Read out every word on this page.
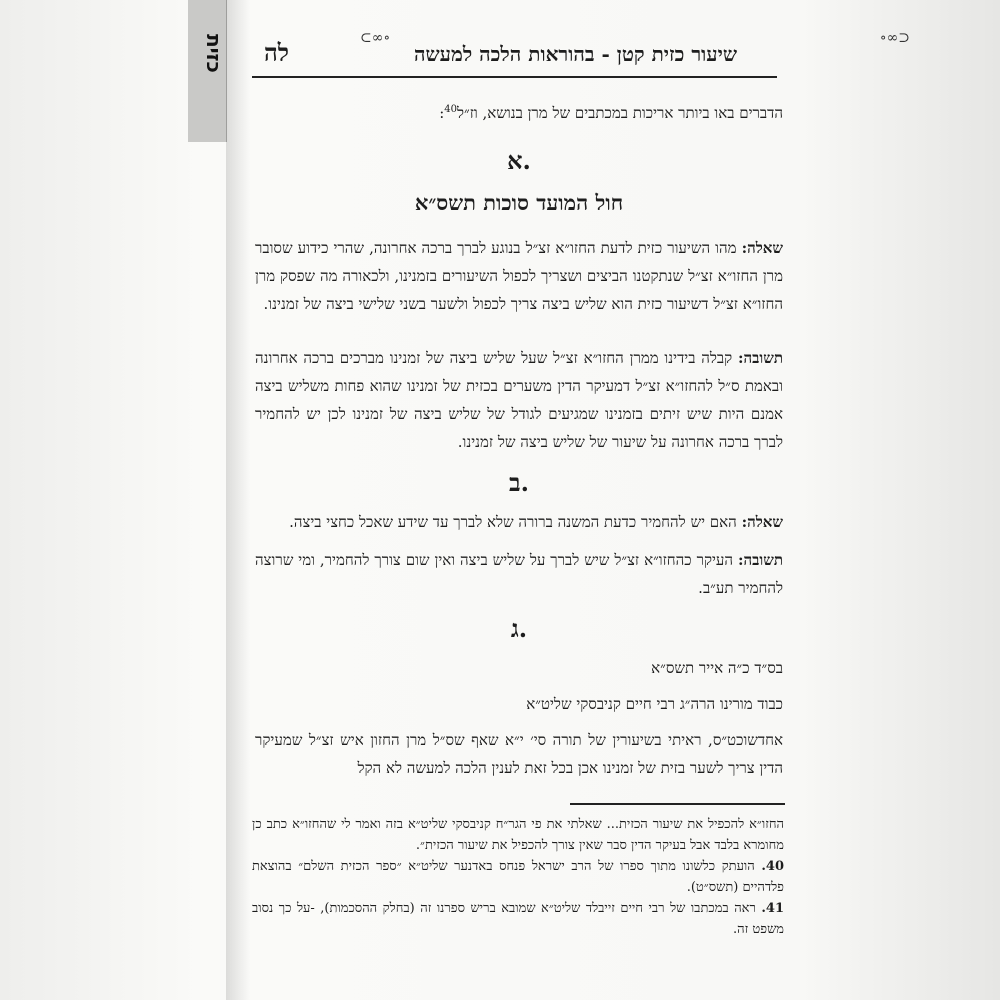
כזית לה	שיעור כזית קטן - בהוראות הלכה למעשה
⊂∞∘	∘∞⊃

הדברים באו ביותר אריכות במכתבים של מרן בנושא, וז״ל$^{40}$:

א.
חול המועד סוכות תשס״א

שאלה: מהו השיעור כזית לדעת החזו״א זצ״ל בנוגע לברך ברכה אחרונה, שהרי כידוע שסובר מרן החזו״א זצ״ל שנתקטנו הביצים ושצריך לכפול השיעורים בזמנינו, ולכאורה מה שפסק מרן החזו״א זצ״ל דשיעור כזית הוא שליש ביצה צריך לכפול ולשער בשני שלישי ביצה של זמנינו.

תשובה: קבלה בידינו ממרן החזו״א זצ״ל שעל שליש ביצה של זמנינו מברכים ברכה אחרונה ובאמת ס״ל להחזו״א זצ״ל דמעיקר הדין משערים בכזית של זמנינו שהוא פחות משליש ביצה אמנם היות שיש זיתים בזמנינו שמגיעים לגודל של שליש ביצה של זמנינו לכן יש להחמיר לברך ברכה אחרונה על שיעור של שליש ביצה של זמנינו.

ב.

שאלה: האם יש להחמיר כדעת המשנה ברורה שלא לברך עד שידע שאכל כחצי ביצה.

תשובה: העיקר כהחזו״א זצ״ל שיש לברך על שליש ביצה ואין שום צורך להחמיר, ומי שרוצה להחמיר תע״ב.

ג.

בס״ד כ״ה אייר תשס״א

כבוד מורינו הרה״ג רבי חיים קניבסקי שליט״א

אחדשוכט״ס, ראיתי בשיעורין של תורה סי׳ י״א שאף שס״ל מרן החזון איש זצ״ל שמעיקר הדין צריך לשער בזית של זמנינו אכן בכל זאת לענין הלכה למעשה לא הקל

החזו״א להכפיל את שיעור הכזית... שאלתי את פי הגר״ח קניבסקי שליט״א בזה ואמר לי שהחזו״א כתב כן מחומרא בלבד אבל בעיקר הדין סבר שאין צורך להכפיל את שיעור הכזית״.

40. הועתק כלשונו מתוך ספרו של הרב ישראל פנחס באדנער שליט״א ״ספר הכזית השלם״ בהוצאת פלדהיים (תשס״ט).

41. ראה במכתבו של רבי חיים זייבלד שליט״א שמובא בריש ספרנו זה (בחלק ההסכמות), -על כך נסוב משפט זה.
